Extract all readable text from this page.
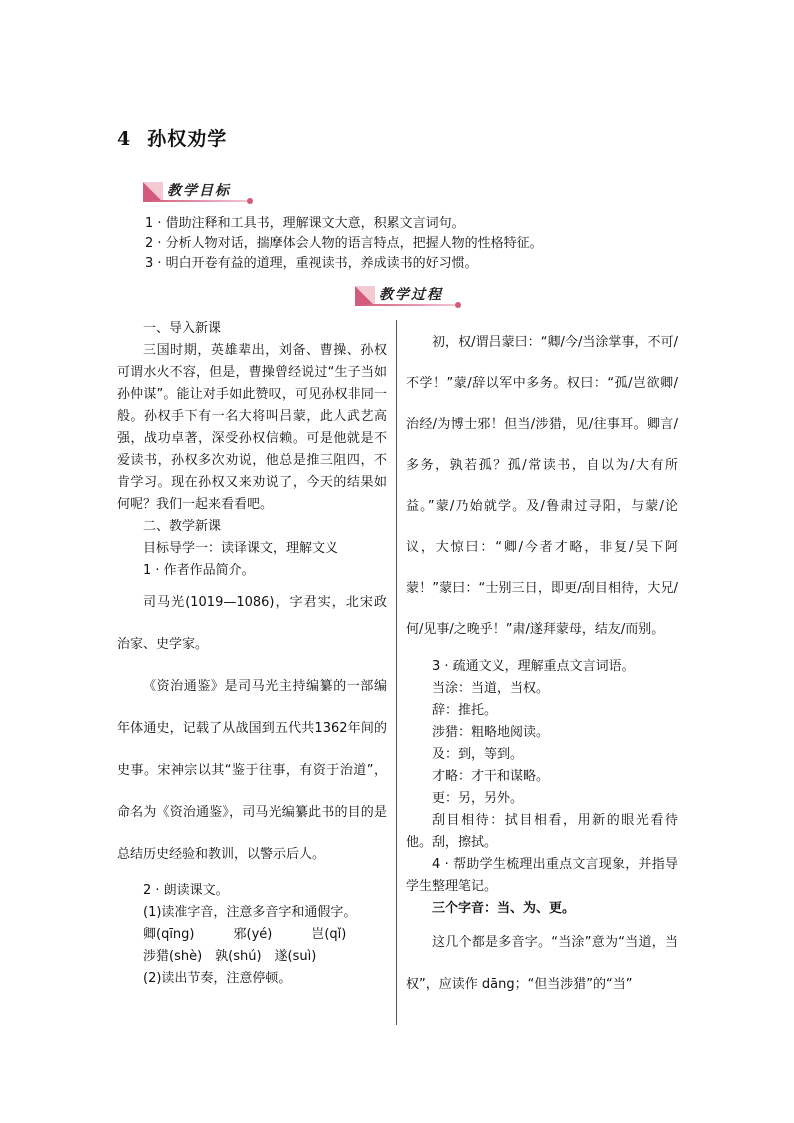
4 孙权劝学
教学目标
1 · 借助注释和工具书，理解课文大意，积累文言词句。
2 · 分析人物对话，揣摩体会人物的语言特点，把握人物的性格特征。
3 · 明白开卷有益的道理，重视读书，养成读书的好习惯。
教学过程

一、导入新课

三国时期，英雄辈出，刘备、曹操、孙权可谓水火不容，但是，曹操曾经说过“生子当如孙仲谋”。能让对手如此赞叹，可见孙权非同一般。孙权手下有一名大将叫吕蒙，此人武艺高强，战功卓著，深受孙权信赖。可是他就是不爱读书，孙权多次劝说，他总是推三阻四，不肯学习。现在孙权又来劝说了，今天的结果如何呢？我们一起来看看吧。

二、教学新课

目标导学一：读译课文，理解文义

1 · 作者作品简介。

司马光(1019—1086)，字君实，北宋政治家、史学家。

《资治通鉴》是司马光主持编纂的一部编年体通史，记载了从战国到五代共1362年间的史事。宋神宗以其“鉴于往事，有资于治道”，命名为《资治通鉴》，司马光编纂此书的目的是总结历史经验和教训，以警示后人。

2 · 朗读课文。

(1)读准字音，注意多音字和通假字。

卿(qīng)　　　邪(yé)　　　岂(qǐ)

涉猎(shè)　孰(shú)　遂(suì)

(2)读出节奏，注意停顿。

初，权/谓吕蒙曰：“卿/今/当涂掌事，不可/不学！”蒙/辞以军中多务。权曰：“孤/岂欲卿/治经/为博士邪！但当/涉猎，见/往事耳。卿言/多务，孰若孤？孤/常读书，自以为/大有所益。”蒙/乃始就学。及/鲁肃过寻阳，与蒙/论议，大惊曰：“卿/今者才略，非复/吴下阿蒙！”蒙曰：“士别三日，即更/刮目相待，大兄/何/见事/之晚乎！”肃/遂拜蒙母，结友/而别。

3 · 疏通文义，理解重点文言词语。

当涂：当道，当权。

辞：推托。

涉猎：粗略地阅读。

及：到，等到。

才略：才干和谋略。

更：另，另外。

刮目相待：拭目相看，用新的眼光看待他。刮，擦拭。

4 · 帮助学生梳理出重点文言现象，并指导学生整理笔记。

三个字音：当、为、更。

这几个都是多音字。“当涂”意为“当道，当权”，应读作 dāng；“但当涉猎”的“当”
